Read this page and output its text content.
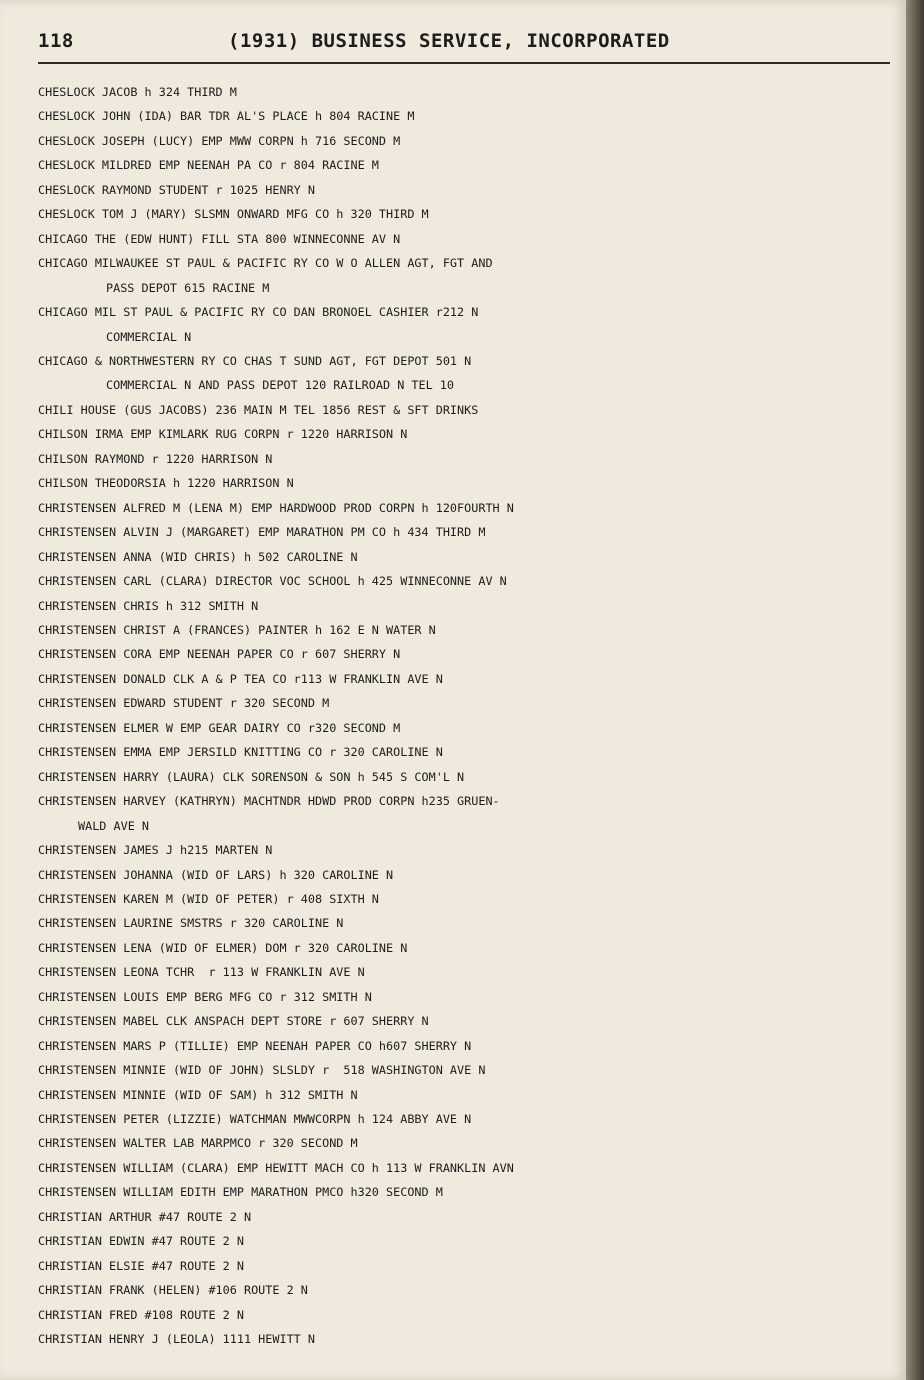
118	(1931) BUSINESS SERVICE, INCORPORATED
CHESLOCK JACOB h 324 THIRD M
CHESLOCK JOHN (IDA) BAR TDR AL'S PLACE h 804 RACINE M
CHESLOCK JOSEPH (LUCY) EMP MWW CORPN h 716 SECOND M
CHESLOCK MILDRED EMP NEENAH PA CO r 804 RACINE M
CHESLOCK RAYMOND STUDENT r 1025 HENRY N
CHESLOCK TOM J (MARY) SLSMN ONWARD MFG CO h 320 THIRD M
CHICAGO THE (EDW HUNT) FILL STA 800 WINNECONNE AV N
CHICAGO MILWAUKEE ST PAUL & PACIFIC RY CO W O ALLEN AGT, FGT AND
PASS DEPOT 615 RACINE M
CHICAGO MIL ST PAUL & PACIFIC RY CO DAN BRONOEL CASHIER r212 N
COMMERCIAL N
CHICAGO & NORTHWESTERN RY CO CHAS T SUND AGT, FGT DEPOT 501 N
COMMERCIAL N AND PASS DEPOT 120 RAILROAD N TEL 10
CHILI HOUSE (GUS JACOBS) 236 MAIN M TEL 1856 REST & SFT DRINKS
CHILSON IRMA EMP KIMLARK RUG CORPN r 1220 HARRISON N
CHILSON RAYMOND r 1220 HARRISON N
CHILSON THEODORSIA h 1220 HARRISON N
CHRISTENSEN ALFRED M (LENA M) EMP HARDWOOD PROD CORPN h 120FOURTH N
CHRISTENSEN ALVIN J (MARGARET) EMP MARATHON PM CO h 434 THIRD M
CHRISTENSEN ANNA (WID CHRIS) h 502 CAROLINE N
CHRISTENSEN CARL (CLARA) DIRECTOR VOC SCHOOL h 425 WINNECONNE AV N
CHRISTENSEN CHRIS h 312 SMITH N
CHRISTENSEN CHRIST A (FRANCES) PAINTER h 162 E N WATER N
CHRISTENSEN CORA EMP NEENAH PAPER CO r 607 SHERRY N
CHRISTENSEN DONALD CLK A & P TEA CO r113 W FRANKLIN AVE N
CHRISTENSEN EDWARD STUDENT r 320 SECOND M
CHRISTENSEN ELMER W EMP GEAR DAIRY CO r320 SECOND M
CHRISTENSEN EMMA EMP JERSILD KNITTING CO r 320 CAROLINE N
CHRISTENSEN HARRY (LAURA) CLK SORENSON & SON h 545 S COM'L N
CHRISTENSEN HARVEY (KATHRYN) MACHTNDR HDWD PROD CORPN h235 GRUEN-
WALD AVE N
CHRISTENSEN JAMES J h215 MARTEN N
CHRISTENSEN JOHANNA (WID OF LARS) h 320 CAROLINE N
CHRISTENSEN KAREN M (WID OF PETER) r 408 SIXTH N
CHRISTENSEN LAURINE SMSTRS r 320 CAROLINE N
CHRISTENSEN LENA (WID OF ELMER) DOM r 320 CAROLINE N
CHRISTENSEN LEONA TCHR  r 113 W FRANKLIN AVE N
CHRISTENSEN LOUIS EMP BERG MFG CO r 312 SMITH N
CHRISTENSEN MABEL CLK ANSPACH DEPT STORE r 607 SHERRY N
CHRISTENSEN MARS P (TILLIE) EMP NEENAH PAPER CO h607 SHERRY N
CHRISTENSEN MINNIE (WID OF JOHN) SLSLDY r  518 WASHINGTON AVE N
CHRISTENSEN MINNIE (WID OF SAM) h 312 SMITH N
CHRISTENSEN PETER (LIZZIE) WATCHMAN MWWCORPN h 124 ABBY AVE N
CHRISTENSEN WALTER LAB MARPMCO r 320 SECOND M
CHRISTENSEN WILLIAM (CLARA) EMP HEWITT MACH CO h 113 W FRANKLIN AVN
CHRISTENSEN WILLIAM EDITH EMP MARATHON PMCO h320 SECOND M
CHRISTIAN ARTHUR #47 ROUTE 2 N
CHRISTIAN EDWIN #47 ROUTE 2 N
CHRISTIAN ELSIE #47 ROUTE 2 N
CHRISTIAN FRANK (HELEN) #106 ROUTE 2 N
CHRISTIAN FRED #108 ROUTE 2 N
CHRISTIAN HENRY J (LEOLA) 1111 HEWITT N
